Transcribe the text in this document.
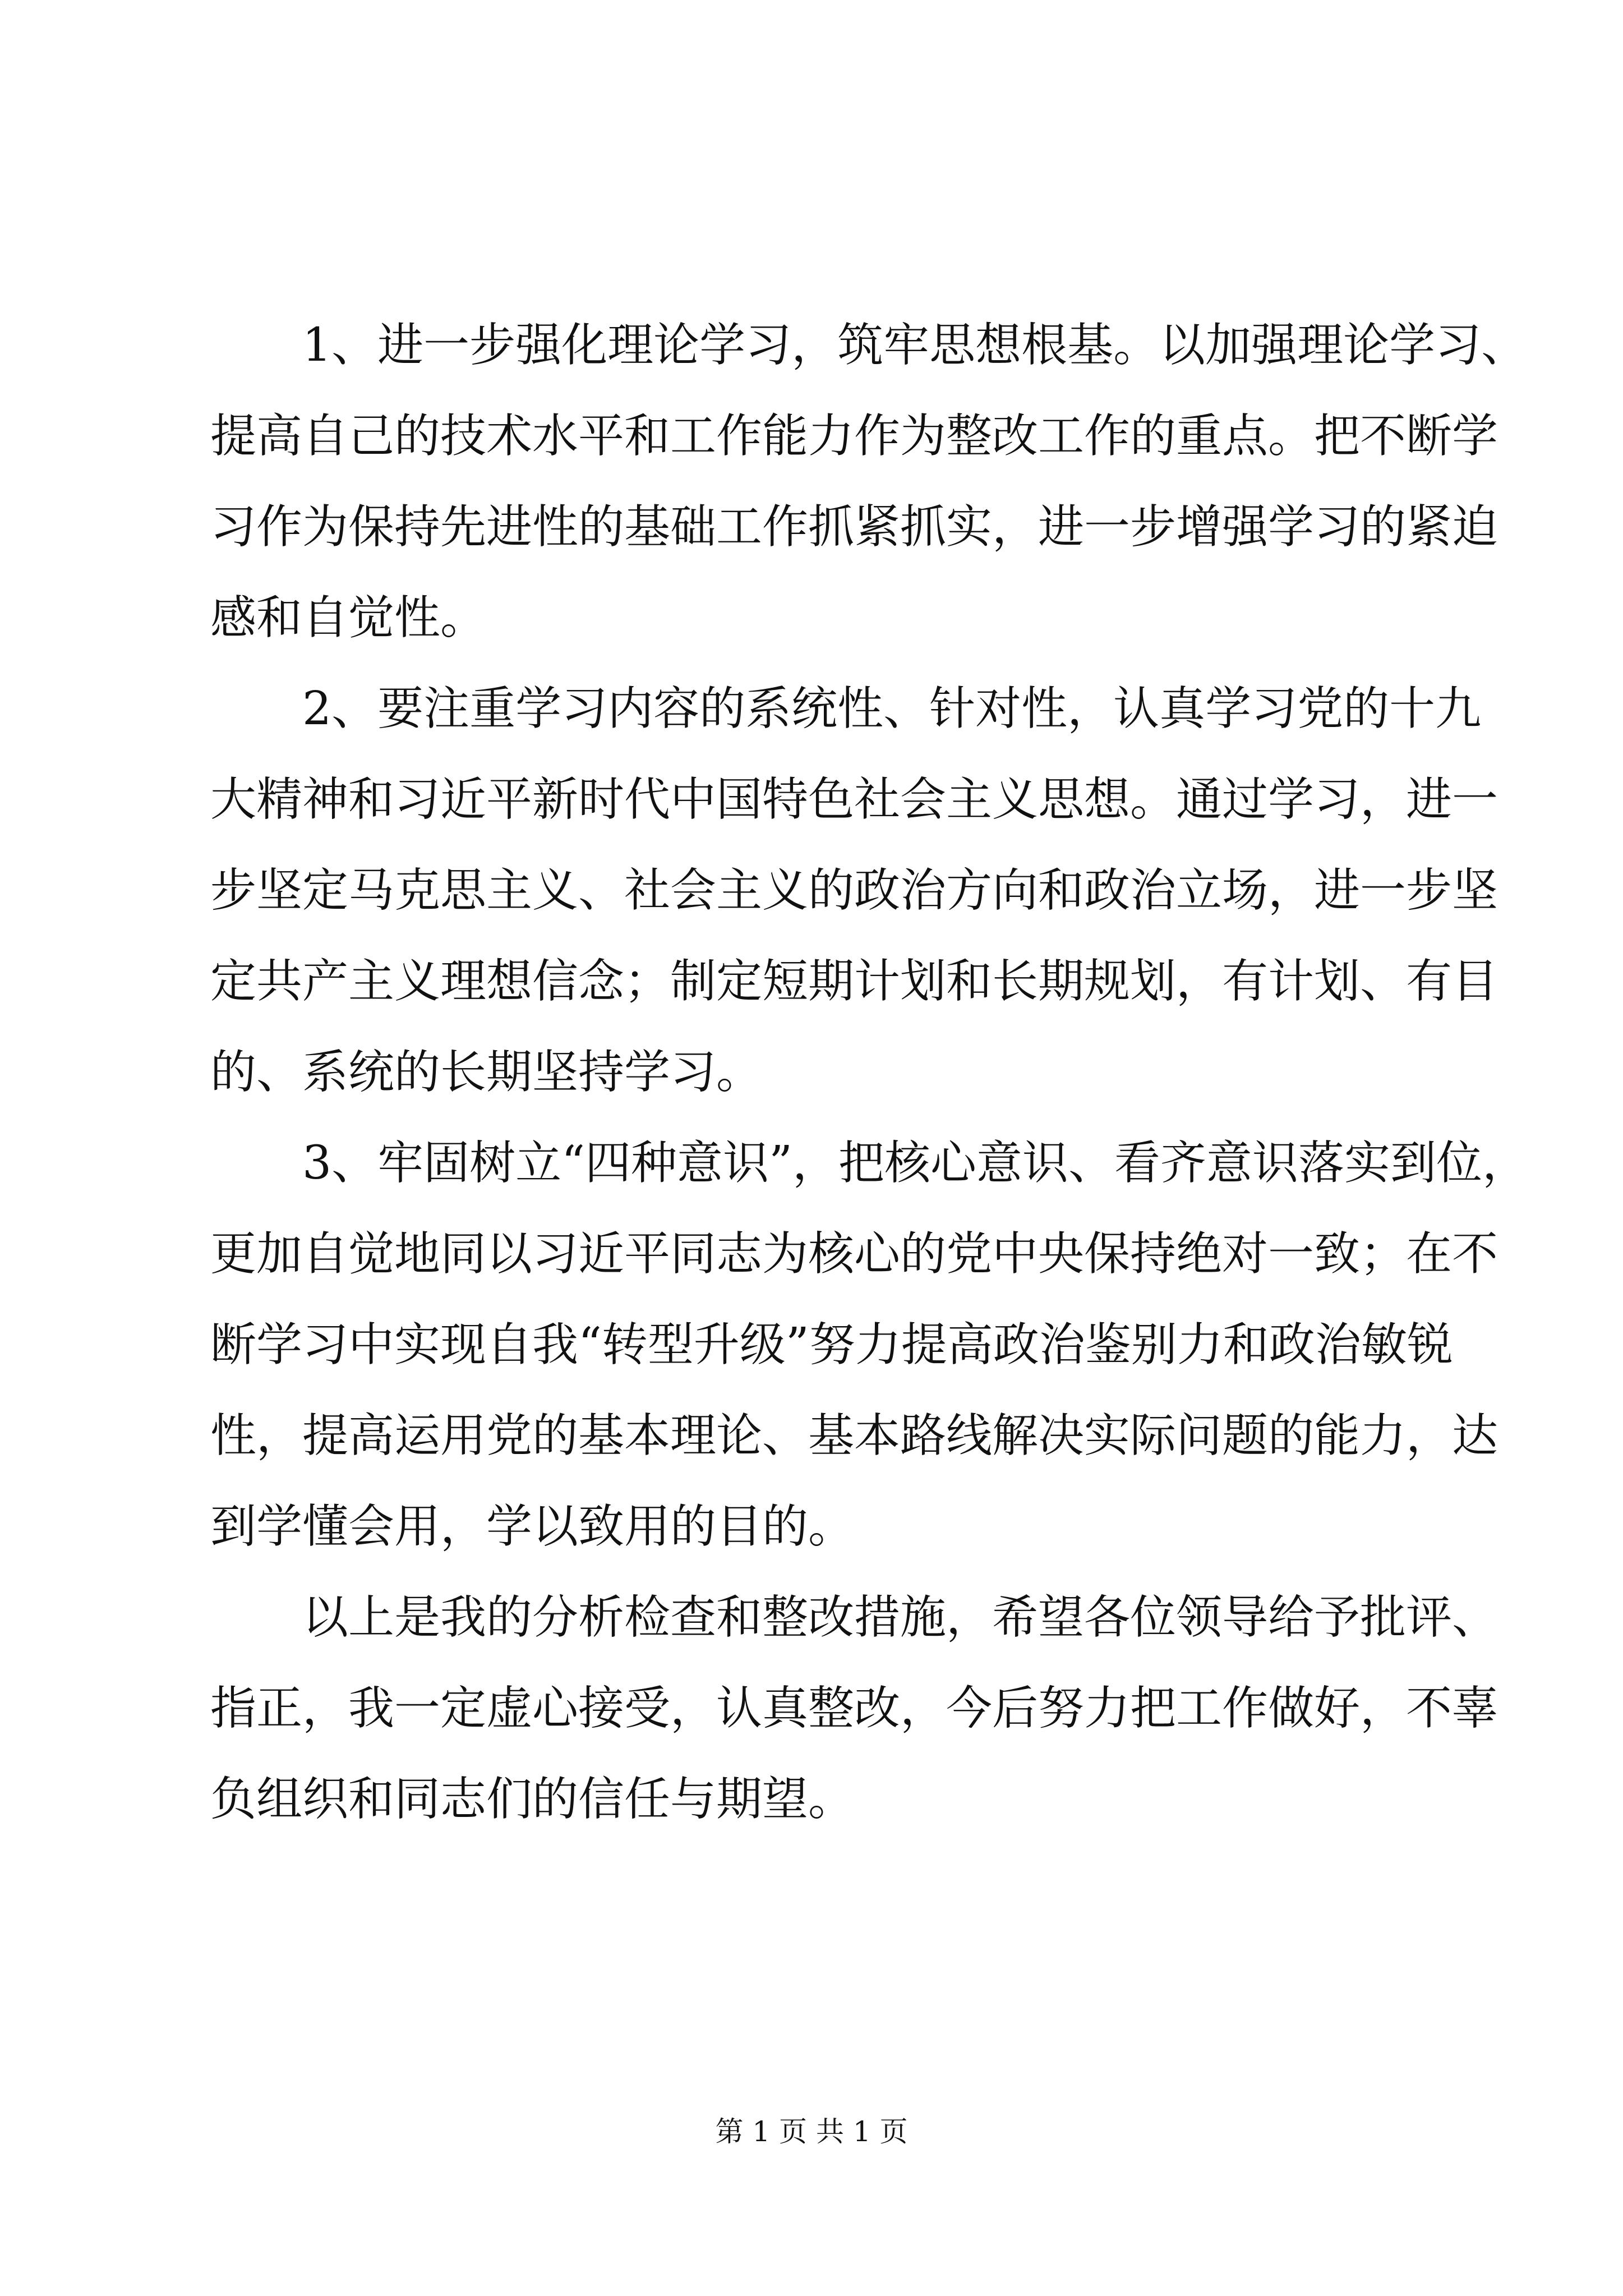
1、进一步强化理论学习，筑牢思想根基。以加强理论学习、
提高自己的技术水平和工作能力作为整改工作的重点。把不断学
习作为保持先进性的基础工作抓紧抓实，进一步增强学习的紧迫
感和自觉性。

2、要注重学习内容的系统性、针对性，认真学习党的十九
大精神和习近平新时代中国特色社会主义思想。通过学习，进一
步坚定马克思主义、社会主义的政治方向和政治立场，进一步坚
定共产主义理想信念；制定短期计划和长期规划，有计划、有目
的、系统的长期坚持学习。

3、牢固树立“四种意识”，把核心意识、看齐意识落实到位，
更加自觉地同以习近平同志为核心的党中央保持绝对一致；在不
断学习中实现自我“转型升级”努力提高政治鉴别力和政治敏锐
性，提高运用党的基本理论、基本路线解决实际问题的能力，达
到学懂会用，学以致用的目的。

以上是我的分析检查和整改措施，希望各位领导给予批评、
指正，我一定虚心接受，认真整改，今后努力把工作做好，不辜
负组织和同志们的信任与期望。

第 1 页 共 1 页
